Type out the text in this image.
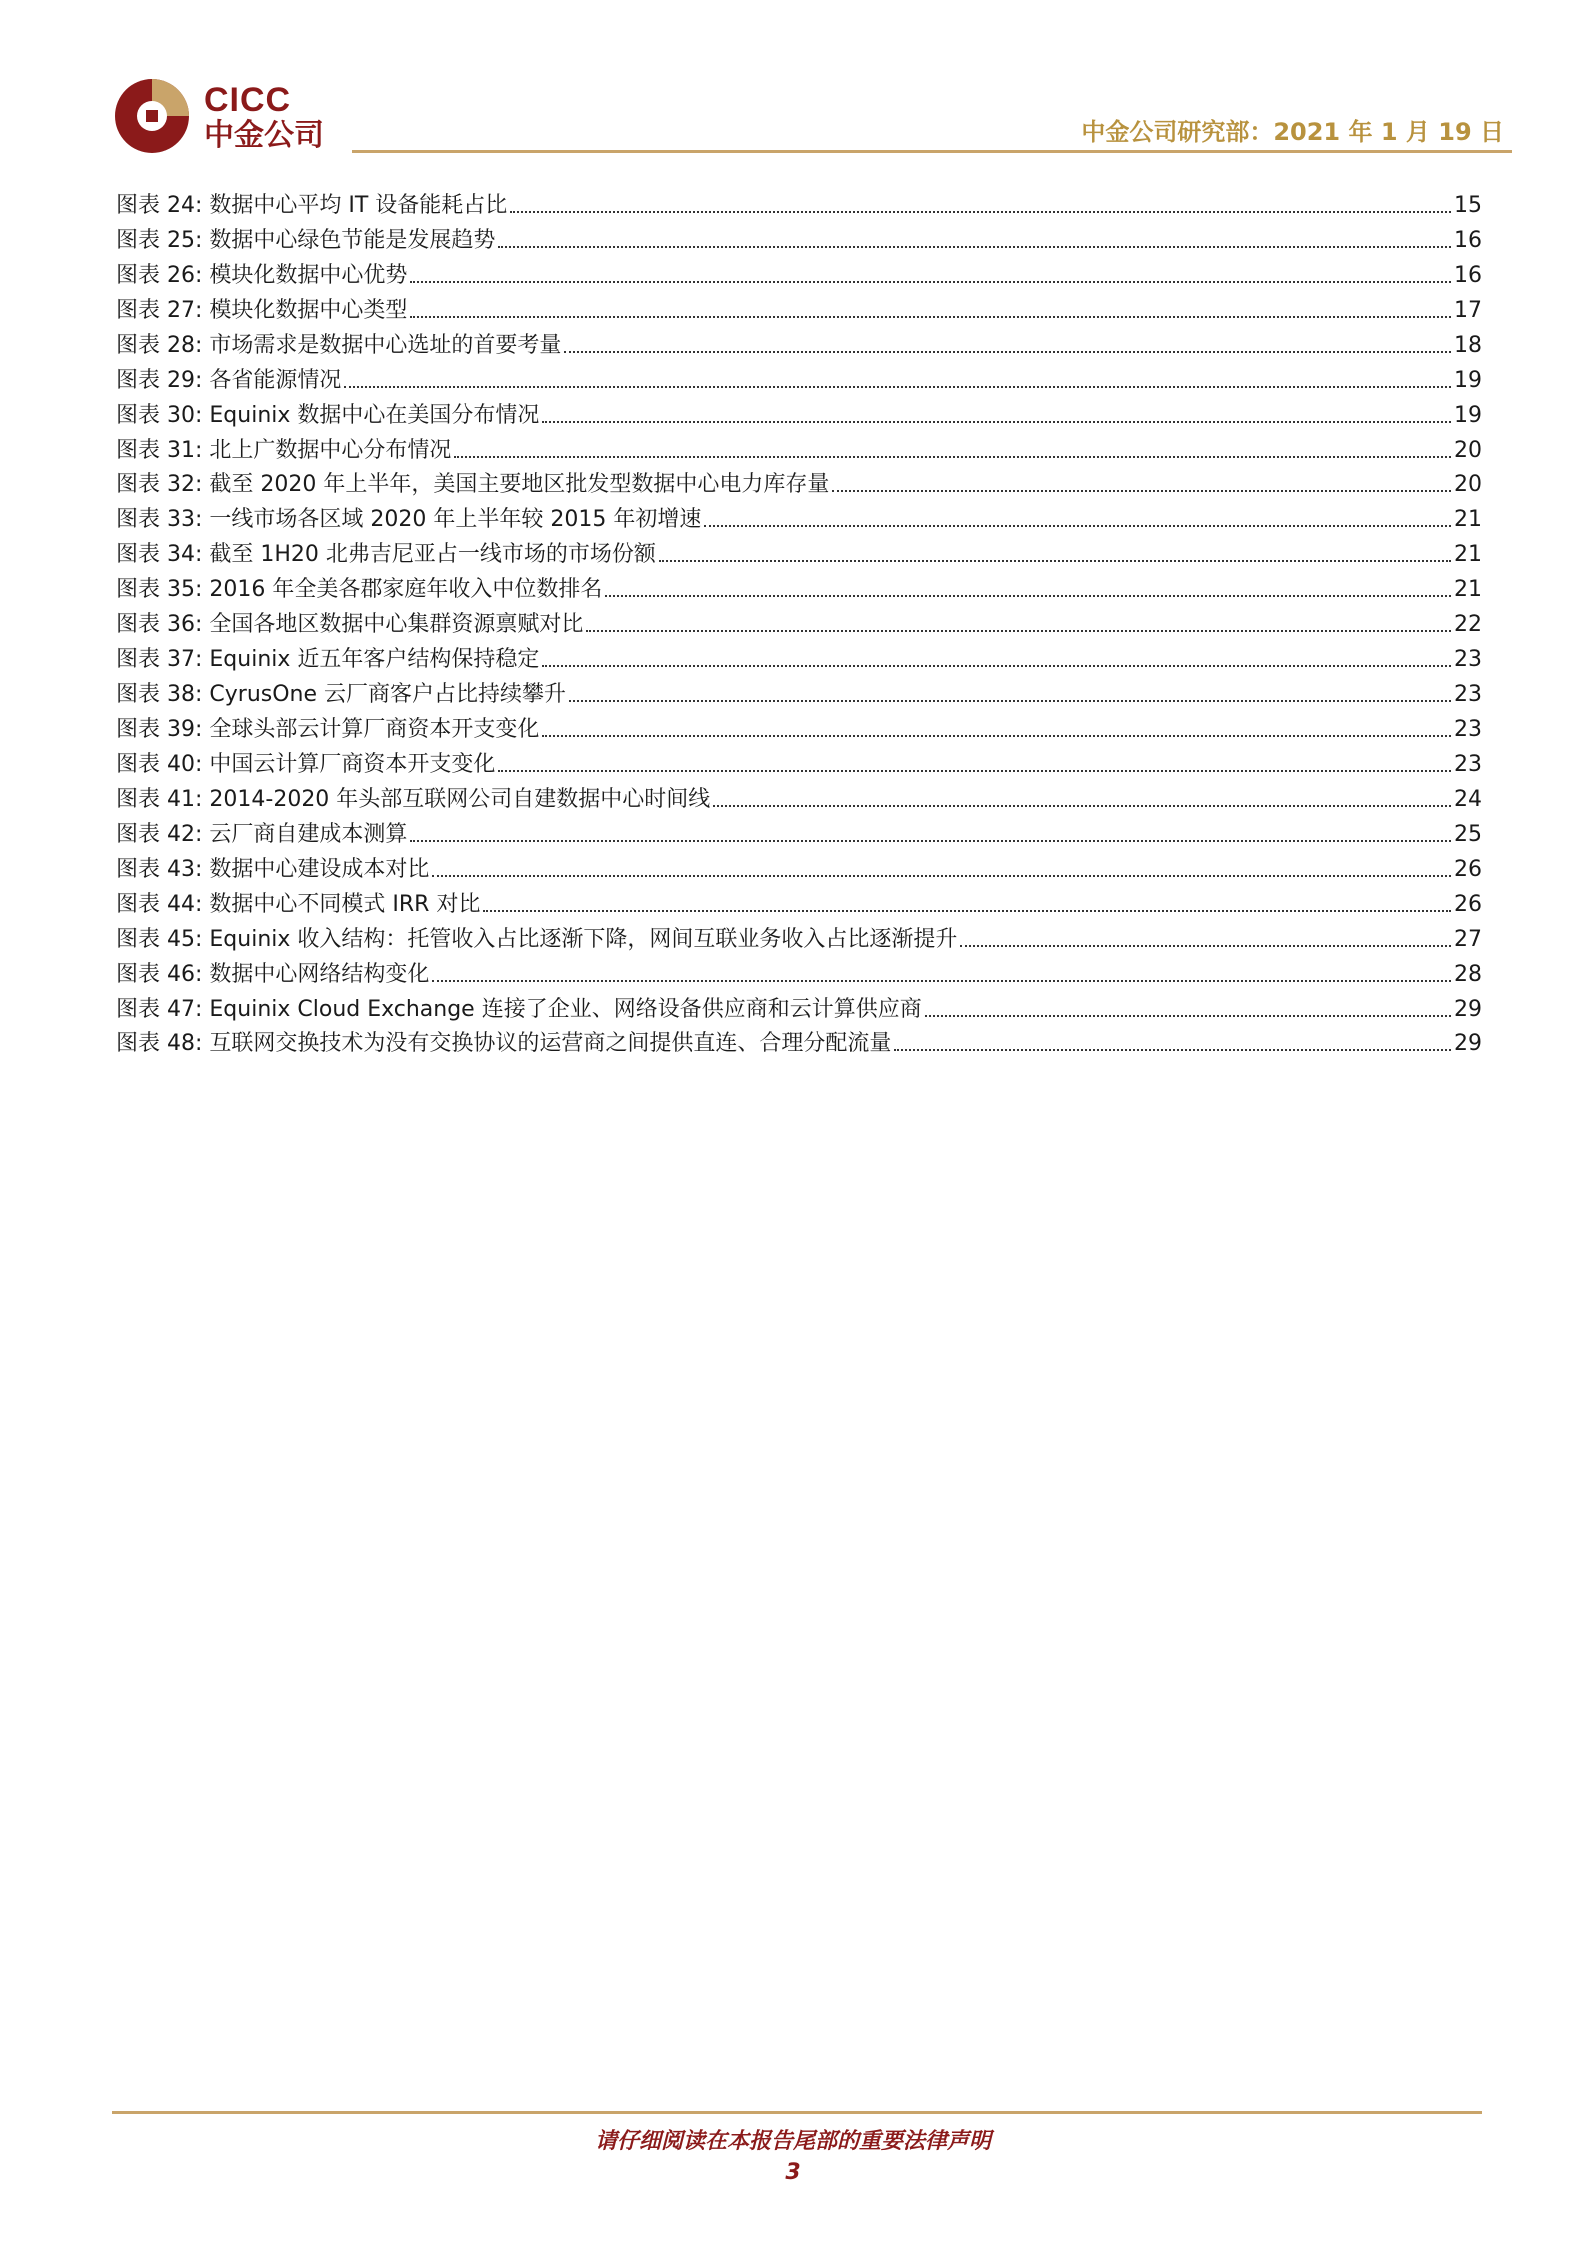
CICC
中金公司	中金公司研究部：2021 年 1 月 19 日
图表 24: 数据中心平均 IT 设备能耗占比	15
图表 25: 数据中心绿色节能是发展趋势	16
图表 26: 模块化数据中心优势	16
图表 27: 模块化数据中心类型	17
图表 28: 市场需求是数据中心选址的首要考量	18
图表 29: 各省能源情况	19
图表 30: Equinix 数据中心在美国分布情况	19
图表 31: 北上广数据中心分布情况	20
图表 32: 截至 2020 年上半年，美国主要地区批发型数据中心电力库存量	20
图表 33: 一线市场各区域 2020 年上半年较 2015 年初增速	21
图表 34: 截至 1H20 北弗吉尼亚占一线市场的市场份额	21
图表 35: 2016 年全美各郡家庭年收入中位数排名	21
图表 36: 全国各地区数据中心集群资源禀赋对比	22
图表 37: Equinix 近五年客户结构保持稳定	23
图表 38: CyrusOne 云厂商客户占比持续攀升	23
图表 39: 全球头部云计算厂商资本开支变化	23
图表 40: 中国云计算厂商资本开支变化	23
图表 41: 2014-2020 年头部互联网公司自建数据中心时间线	24
图表 42: 云厂商自建成本测算	25
图表 43: 数据中心建设成本对比	26
图表 44: 数据中心不同模式 IRR 对比	26
图表 45: Equinix 收入结构：托管收入占比逐渐下降，网间互联业务收入占比逐渐提升	27
图表 46: 数据中心网络结构变化	28
图表 47: Equinix Cloud Exchange 连接了企业、网络设备供应商和云计算供应商	29
图表 48: 互联网交换技术为没有交换协议的运营商之间提供直连、合理分配流量	29
请仔细阅读在本报告尾部的重要法律声明
3
